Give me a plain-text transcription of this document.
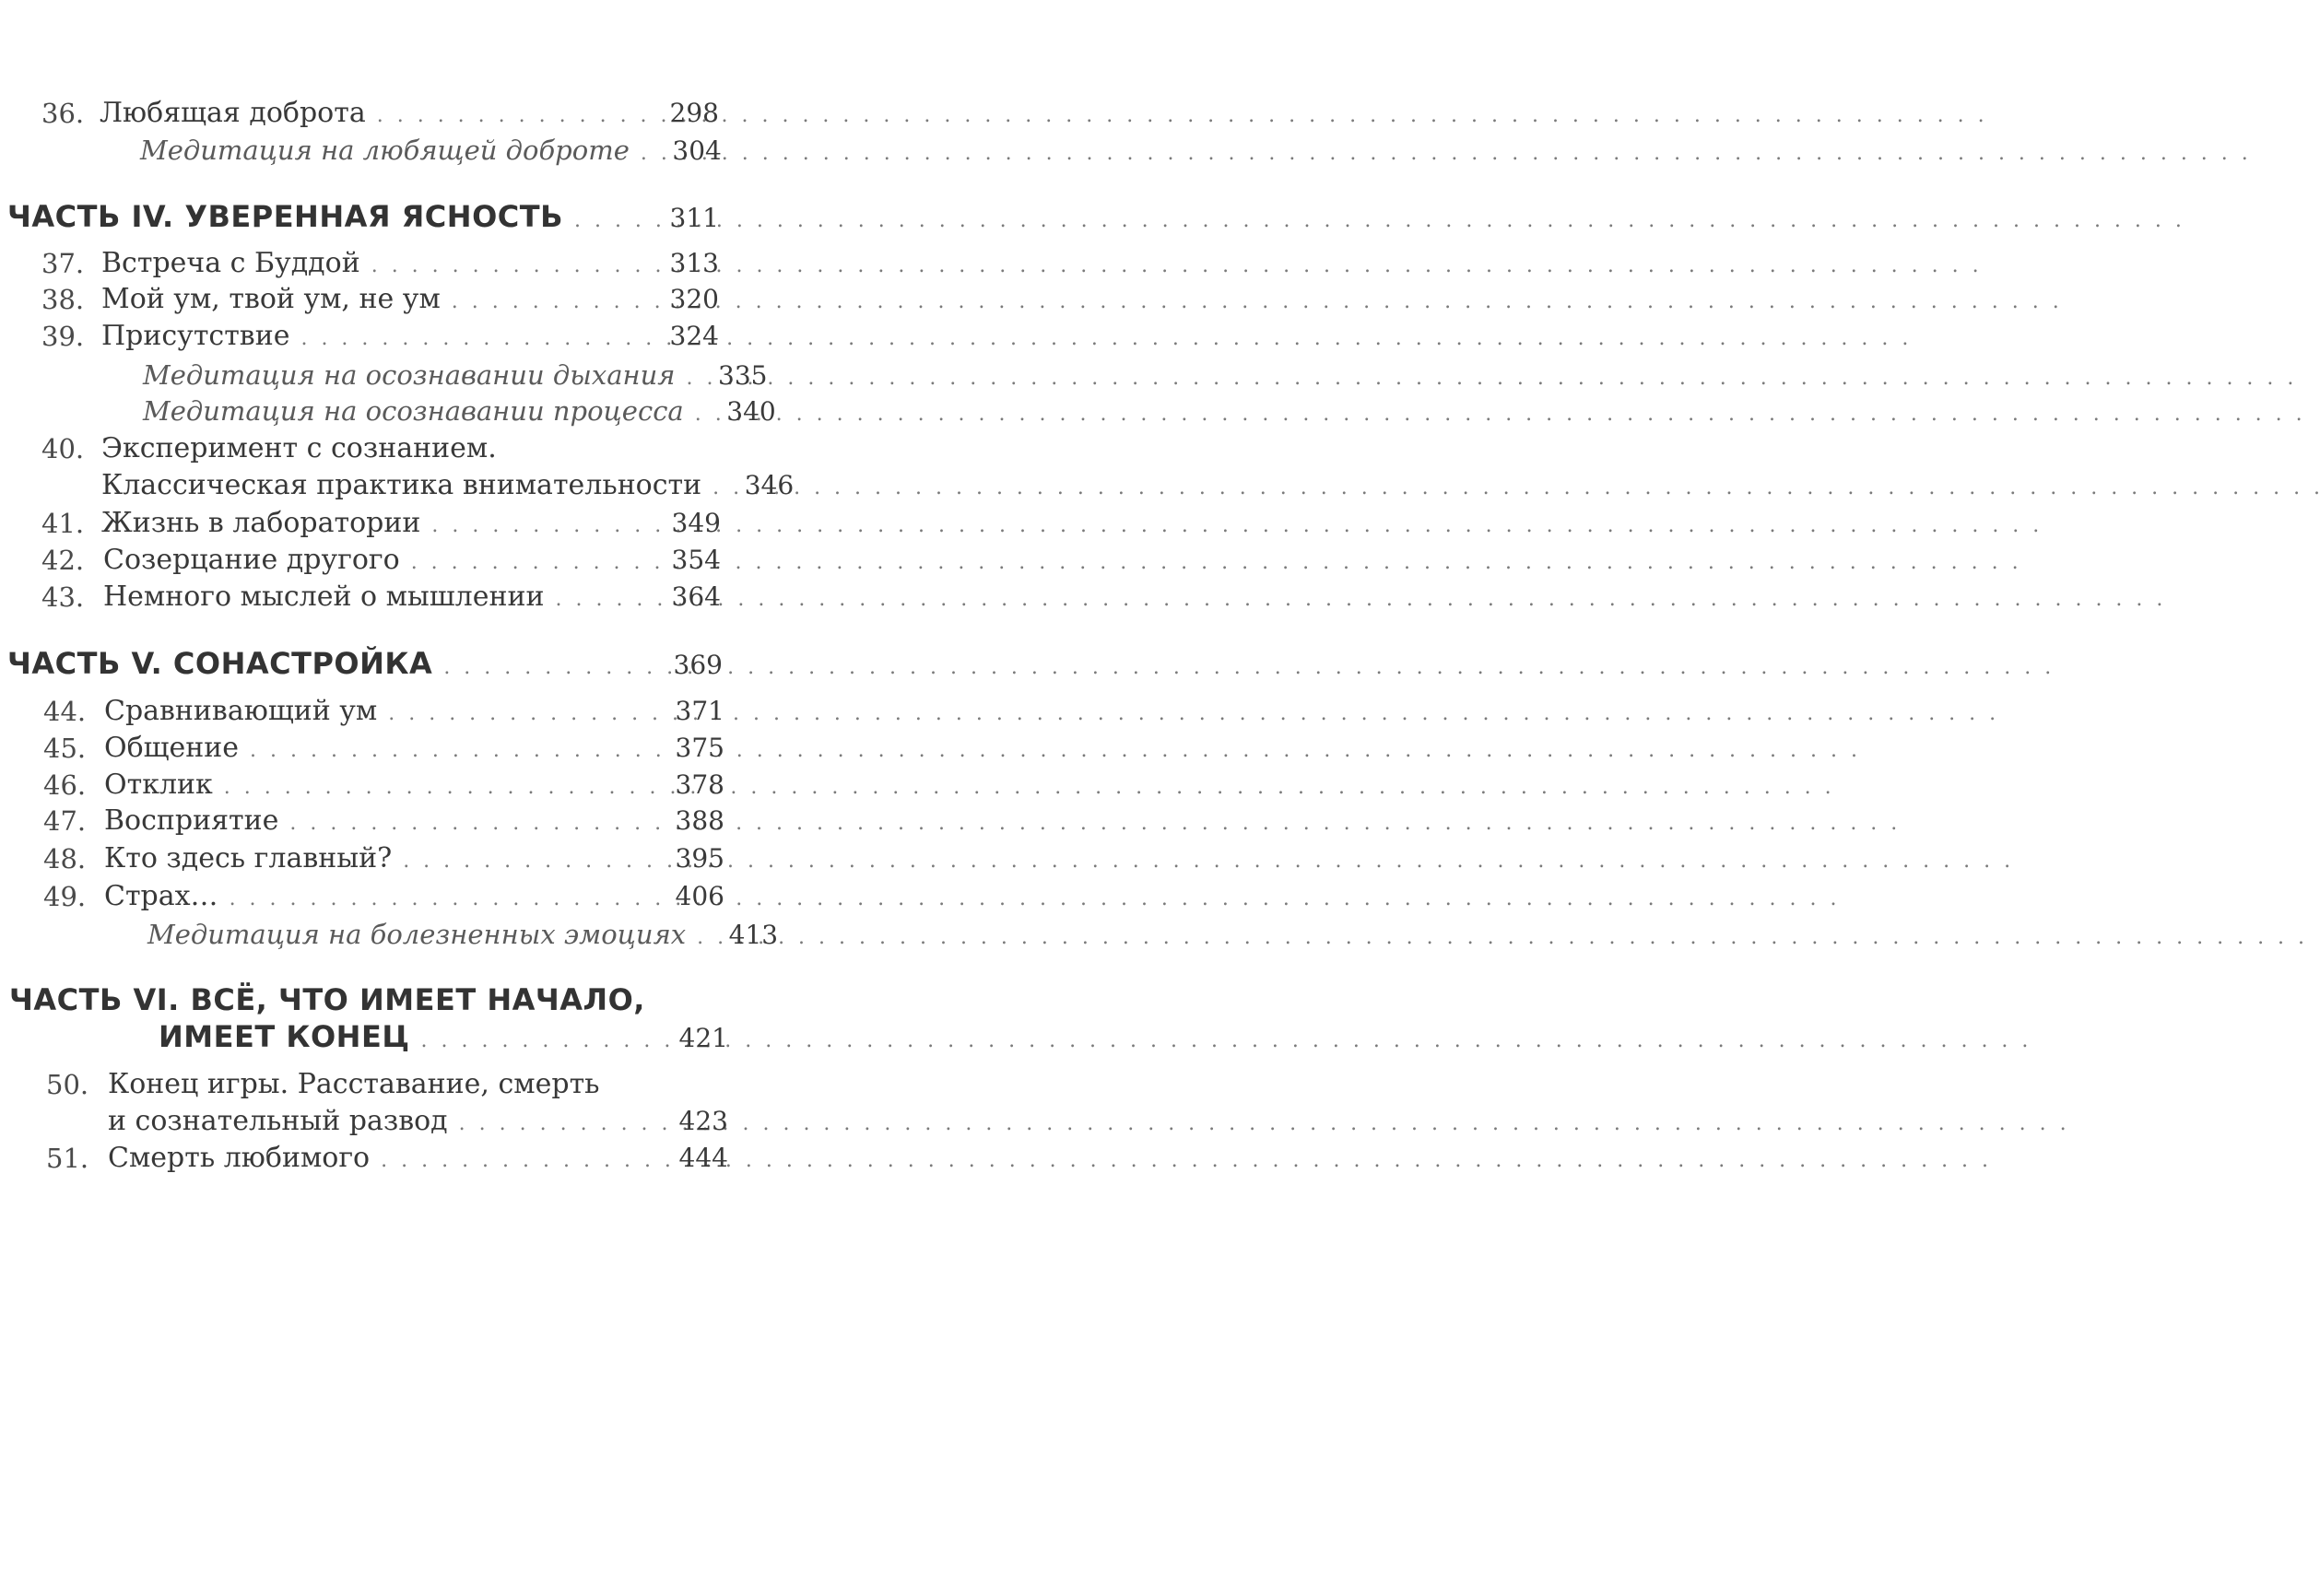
36. Любящая доброта . . .	298
Медитация на любящей доброте . . .	304
ЧАСТЬ IV. УВЕРЕННАЯ ЯСНОСТЬ . . .	311
37. Встреча с Буддой . . .	313
38. Мой ум, твой ум, не ум . . .	320
39. Присутствие . . .	324
Медитация на осознавании дыхания . . .	335
Медитация на осознавании процесса . . .	340
40. Эксперимент с сознанием.
Классическая практика внимательности . . .	346
41. Жизнь в лаборатории . . .	349
42. Созерцание другого . . .	354
43. Немного мыслей о мышлении . . .	364
ЧАСТЬ V. СОНАСТРОЙКА . . .	369
44. Сравнивающий ум . . .	371
45. Общение . . .	375
46. Отклик . . .	378
47. Восприятие . . .	388
48. Кто здесь главный? . . .	395
49. Страх… . . .	406
Медитация на болезненных эмоциях . . .	413
ЧАСТЬ VI. ВСЁ, ЧТО ИМЕЕТ НАЧАЛО,
ИМЕЕТ КОНЕЦ . . .	421
50. Конец игры. Расставание, смерть
и сознательный развод . . .	423
51. Смерть любимого . . .	444
